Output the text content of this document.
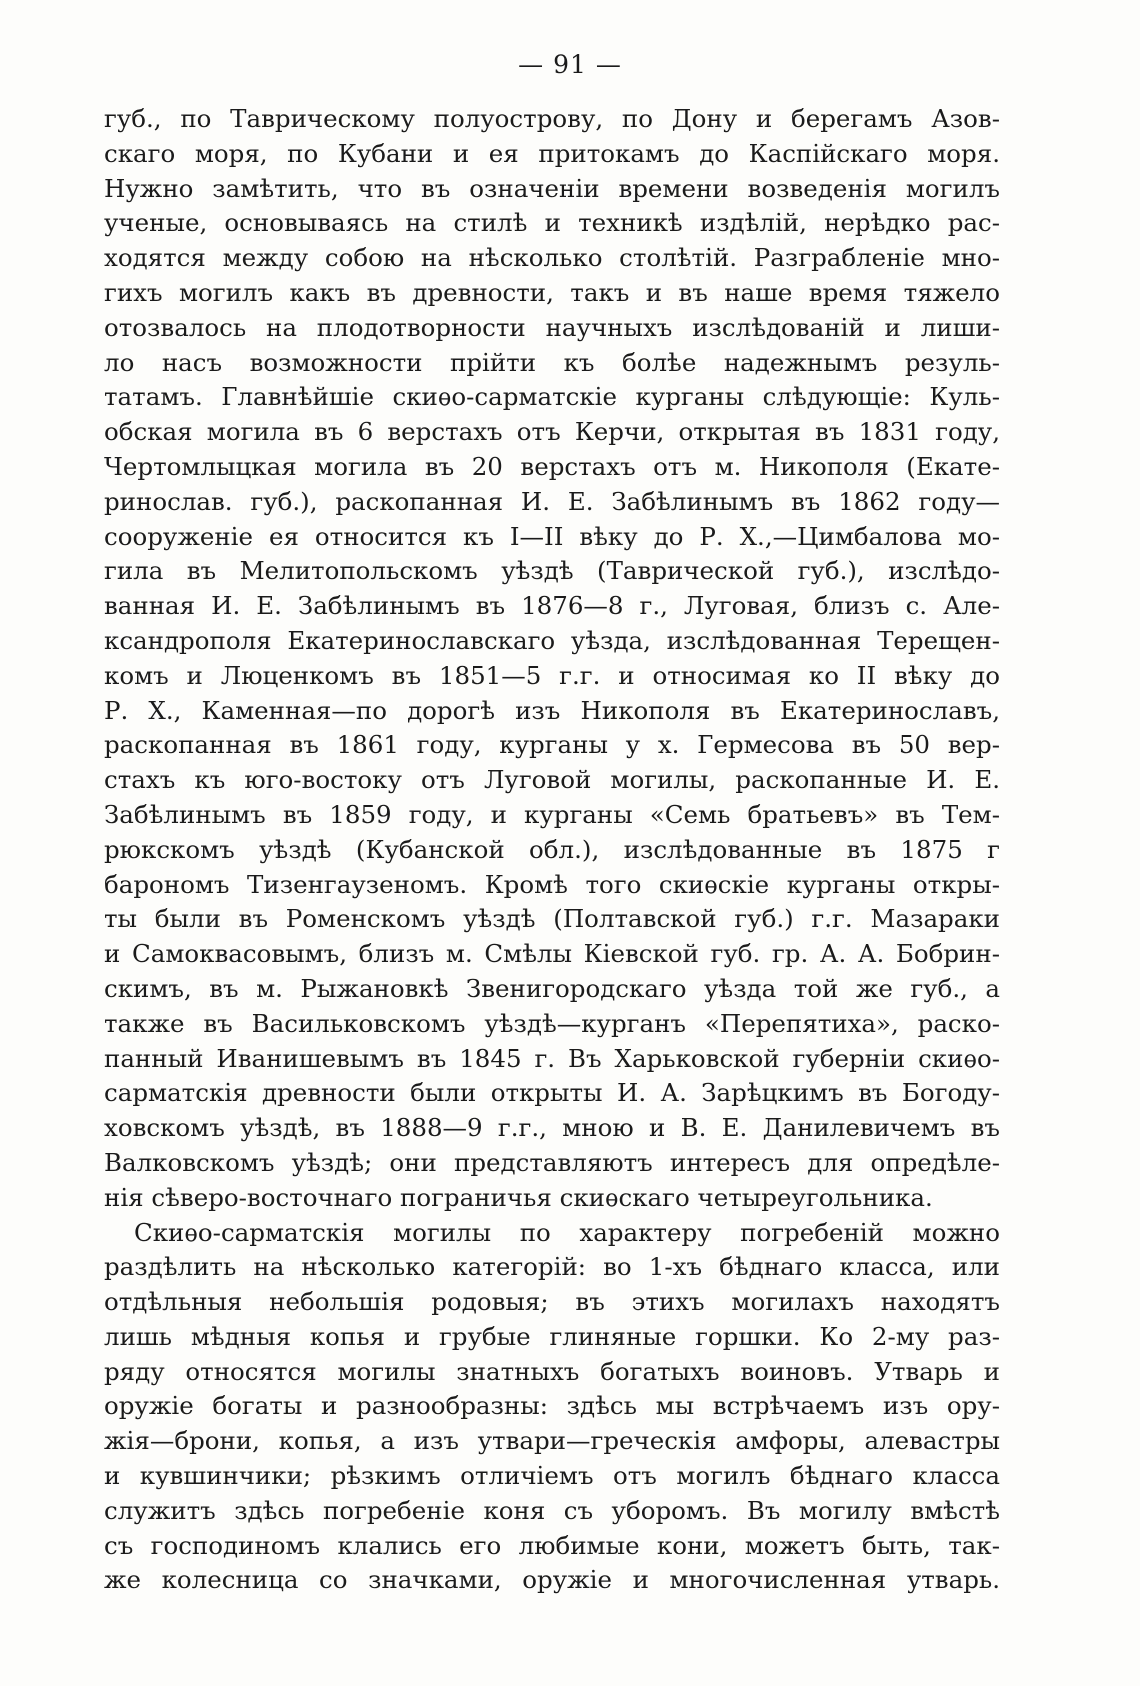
— 91 —
губ., по Таврическому полуострову, по Дону и берегамъ Азов-
скаго моря, по Кубани и ея притокамъ до Каспійскаго моря.
Нужно замѣтить, что въ означеніи времени возведенія могилъ
ученые, основываясь на стилѣ и техникѣ издѣлій, нерѣдко рас-
ходятся между собою на нѣсколько столѣтій. Разграбленіе мно-
гихъ могилъ какъ въ древности, такъ и въ наше время тяжело
отозвалось на плодотворности научныхъ изслѣдованій и лиши-
ло насъ возможности прійти къ болѣе надежнымъ резуль-
татамъ. Главнѣйшіе скиѳо-сарматскіе курганы слѣдующіе: Куль-
обская могила въ 6 верстахъ отъ Керчи, открытая въ 1831 году,
Чертомлыцкая могила въ 20 верстахъ отъ м. Никополя (Екате-
ринослав. губ.), раскопанная И. Е. Забѣлинымъ въ 1862 году—
сооруженіе ея относится къ I—II вѣку до Р. Х.,—Цимбалова мо-
гила въ Мелитопольскомъ уѣздѣ (Таврической губ.), изслѣдо-
ванная И. Е. Забѣлинымъ въ 1876—8 г., Луговая, близъ с. Але-
ксандрополя Екатеринославскаго уѣзда, изслѣдованная Терещен-
комъ и Люценкомъ въ 1851—5 г.г. и относимая ко II вѣку до
Р. Х., Каменная—по дорогѣ изъ Никополя въ Екатеринославъ,
раскопанная въ 1861 году, курганы у х. Гермесова въ 50 вер-
стахъ къ юго-востоку отъ Луговой могилы, раскопанные И. Е.
Забѣлинымъ въ 1859 году, и курганы «Семь братьевъ» въ Тем-
рюкскомъ уѣздѣ (Кубанской обл.), изслѣдованные въ 1875 г
барономъ Тизенгаузеномъ. Кромѣ того скиѳскіе курганы откры-
ты были въ Роменскомъ уѣздѣ (Полтавской губ.) г.г. Мазараки
и Самоквасовымъ, близъ м. Смѣлы Кіевской губ. гр. А. А. Бобрин-
скимъ, въ м. Рыжановкѣ Звенигородскаго уѣзда той же губ., а
также въ Васильковскомъ уѣздѣ—курганъ «Перепятиха», раско-
панный Иванишевымъ въ 1845 г. Въ Харьковской губерніи скиѳо-
сарматскія древности были открыты И. А. Зарѣцкимъ въ Богоду-
ховскомъ уѣздѣ, въ 1888—9 г.г., мною и В. Е. Данилевичемъ въ
Валковскомъ уѣздѣ; они представляютъ интересъ для опредѣле-
нія сѣверо-восточнаго пограничья скиѳскаго четыреугольника.
Скиѳо-сарматскія могилы по характеру погребеній можно
раздѣлить на нѣсколько категорій: во 1-хъ бѣднаго класса, или
отдѣльныя небольшія родовыя; въ этихъ могилахъ находятъ
лишь мѣдныя копья и грубые глиняные горшки. Ко 2-му раз-
ряду относятся могилы знатныхъ богатыхъ воиновъ. Утварь и
оружіе богаты и разнообразны: здѣсь мы встрѣчаемъ изъ ору-
жія—брони, копья, а изъ утвари—греческія амфоры, алевастры
и кувшинчики; рѣзкимъ отличіемъ отъ могилъ бѣднаго класса
служитъ здѣсь погребеніе коня съ уборомъ. Въ могилу вмѣстѣ
съ господиномъ клались его любимые кони, можетъ быть, так-
же колесница со значками, оружіе и многочисленная утварь.
